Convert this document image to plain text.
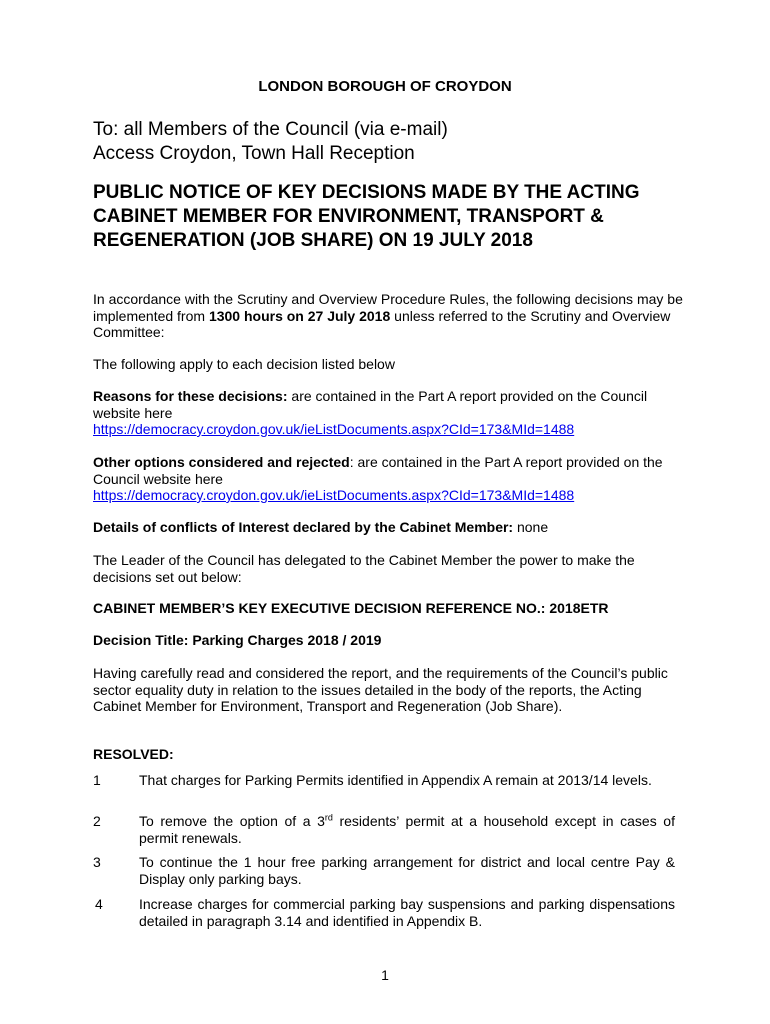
LONDON BOROUGH OF CROYDON
To: all Members of the Council (via e-mail)
Access Croydon, Town Hall Reception
PUBLIC NOTICE OF KEY DECISIONS MADE BY THE ACTING CABINET MEMBER FOR ENVIRONMENT, TRANSPORT & REGENERATION (JOB SHARE) ON 19 JULY 2018
In accordance with the Scrutiny and Overview Procedure Rules, the following decisions may be implemented from 1300 hours on 27 July 2018 unless referred to the Scrutiny and Overview Committee:
The following apply to each decision listed below
Reasons for these decisions: are contained in the Part A report provided on the Council website here
https://democracy.croydon.gov.uk/ieListDocuments.aspx?CId=173&MId=1488
Other options considered and rejected: are contained in the Part A report provided on the Council website here
https://democracy.croydon.gov.uk/ieListDocuments.aspx?CId=173&MId=1488
Details of conflicts of Interest declared by the Cabinet Member: none
The Leader of the Council has delegated to the Cabinet Member the power to make the decisions set out below:
CABINET MEMBER’S KEY EXECUTIVE DECISION REFERENCE NO.: 2018ETR
Decision Title: Parking Charges 2018 / 2019
Having carefully read and considered the report, and the requirements of the Council’s public sector equality duty in relation to the issues detailed in the body of the reports, the Acting Cabinet Member for Environment, Transport and Regeneration (Job Share).
RESOLVED:
1	That charges for Parking Permits identified in Appendix A remain at 2013/14 levels.
2	To remove the option of a 3rd residents’ permit at a household except in cases of permit renewals.
3	To continue the 1 hour free parking arrangement for district and local centre Pay & Display only parking bays.
4	Increase charges for commercial parking bay suspensions and parking dispensations detailed in paragraph 3.14 and identified in Appendix B.
1
